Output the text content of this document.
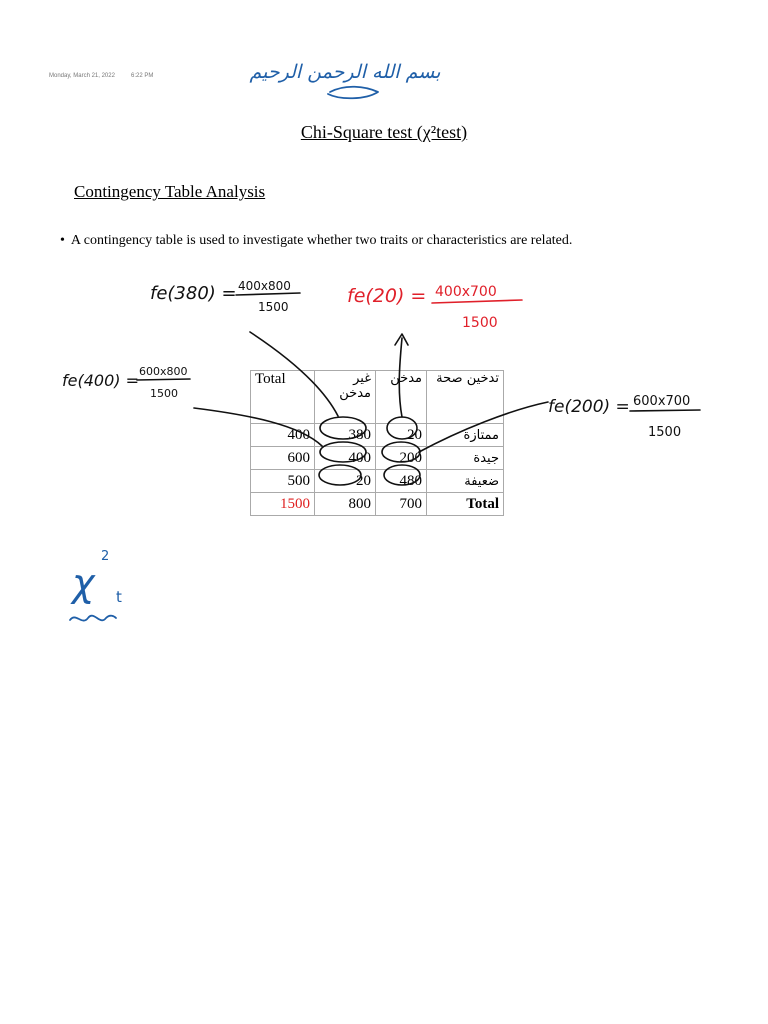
Monday, March 21, 2022	6:22 PM
Chi-Square test (χ²test)
Contingency Table Analysis
• A contingency table is used to investigate whether two traits or characteristics are related.
Total	غير مدخن	مدخن	تدخين صحة
400	380	20	ممتازة
600	400	200	جيدة
500	20	480	ضعيفة
1500	800	700	Total
بسم الله الرحمن الرحيم
fe(380) = 400x800
1500	fe(20) = 400x700
1500
fe(400) = 600x800
1500
fe(200) = 600x700
1500
χ
2
t
